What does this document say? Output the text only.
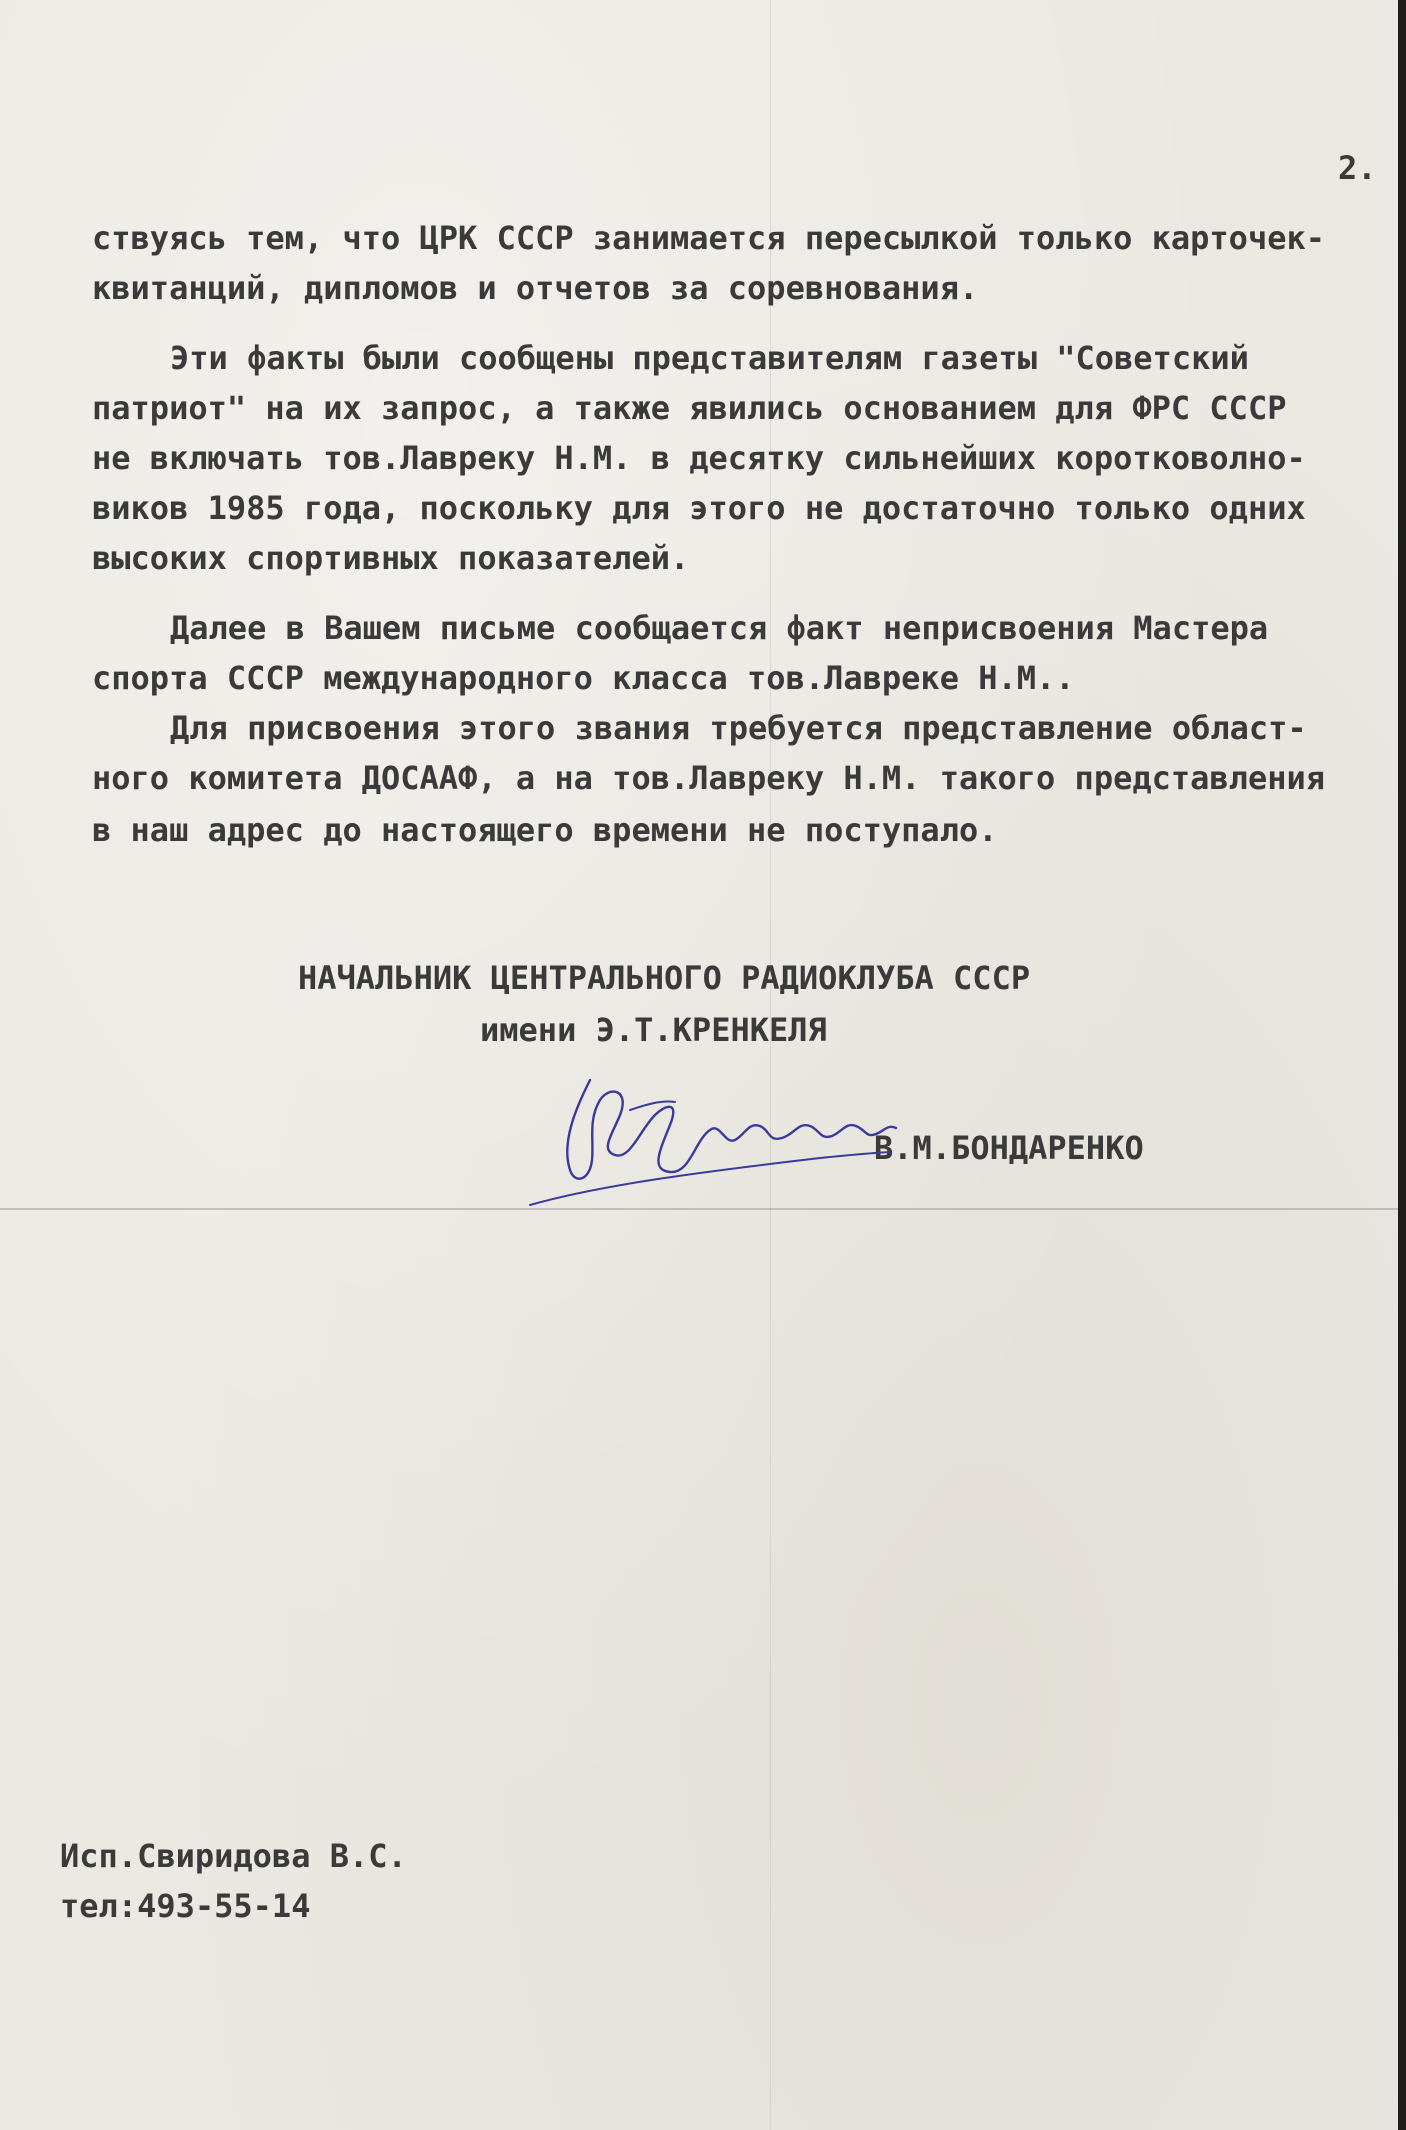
2.
ствуясь тем, что ЦРК СССР занимается пересылкой только карточек-
квитанций, дипломов и отчетов за соревнования.
Эти факты были сообщены представителям газеты "Советский
патриот" на их запрос, а также явились основанием для ФРС СССР
не включать тов.Лавреку Н.М. в десятку сильнейших коротковолно-
виков 1985 года, поскольку для этого не достаточно только одних
высоких спортивных показателей.
Далее в Вашем письме сообщается факт неприсвоения Мастера
спорта СССР международного класса тов.Лавреке Н.М..
Для присвоения этого звания требуется представление област-
ного комитета ДОСААФ, а на тов.Лавреку Н.М. такого представления
в наш адрес до настоящего времени не поступало.
НАЧАЛЬНИК ЦЕНТРАЛЬНОГО РАДИОКЛУБА СССР
имени Э.Т.КРЕНКЕЛЯ
В.М.БОНДАРЕНКО
Исп.Свиридова В.С.
тел:493-55-14
